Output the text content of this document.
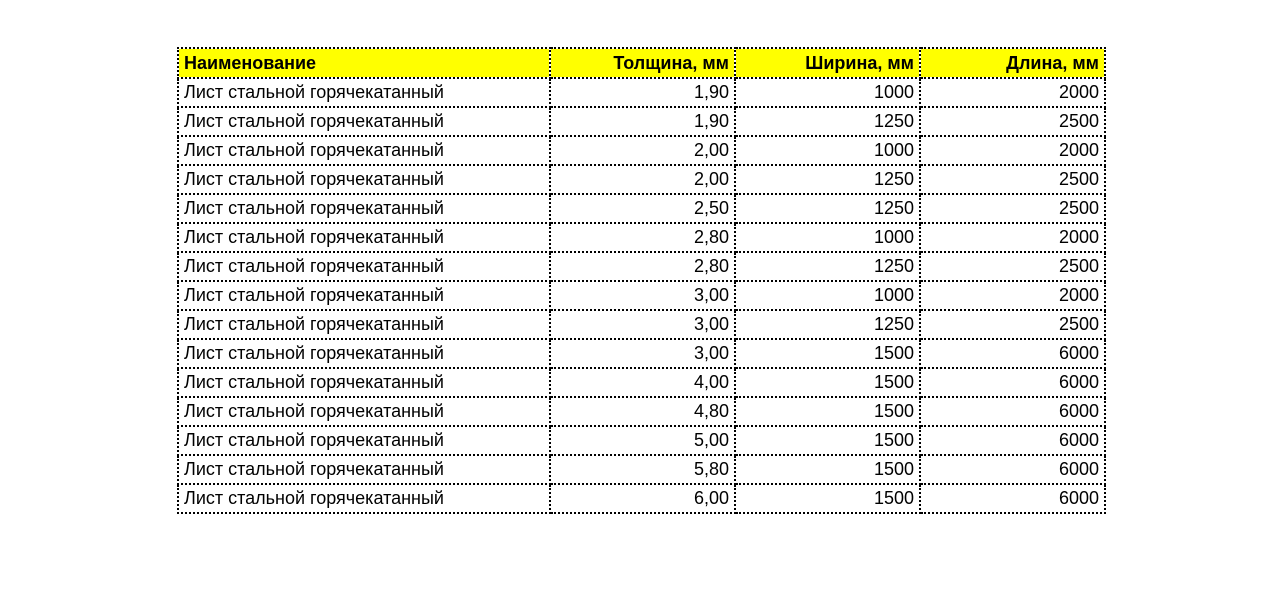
Наименование	Толщина, мм	Ширина, мм	Длина, мм
Лист стальной горячекатанный	1,90	1000	2000
Лист стальной горячекатанный	1,90	1250	2500
Лист стальной горячекатанный	2,00	1000	2000
Лист стальной горячекатанный	2,00	1250	2500
Лист стальной горячекатанный	2,50	1250	2500
Лист стальной горячекатанный	2,80	1000	2000
Лист стальной горячекатанный	2,80	1250	2500
Лист стальной горячекатанный	3,00	1000	2000
Лист стальной горячекатанный	3,00	1250	2500
Лист стальной горячекатанный	3,00	1500	6000
Лист стальной горячекатанный	4,00	1500	6000
Лист стальной горячекатанный	4,80	1500	6000
Лист стальной горячекатанный	5,00	1500	6000
Лист стальной горячекатанный	5,80	1500	6000
Лист стальной горячекатанный	6,00	1500	6000
